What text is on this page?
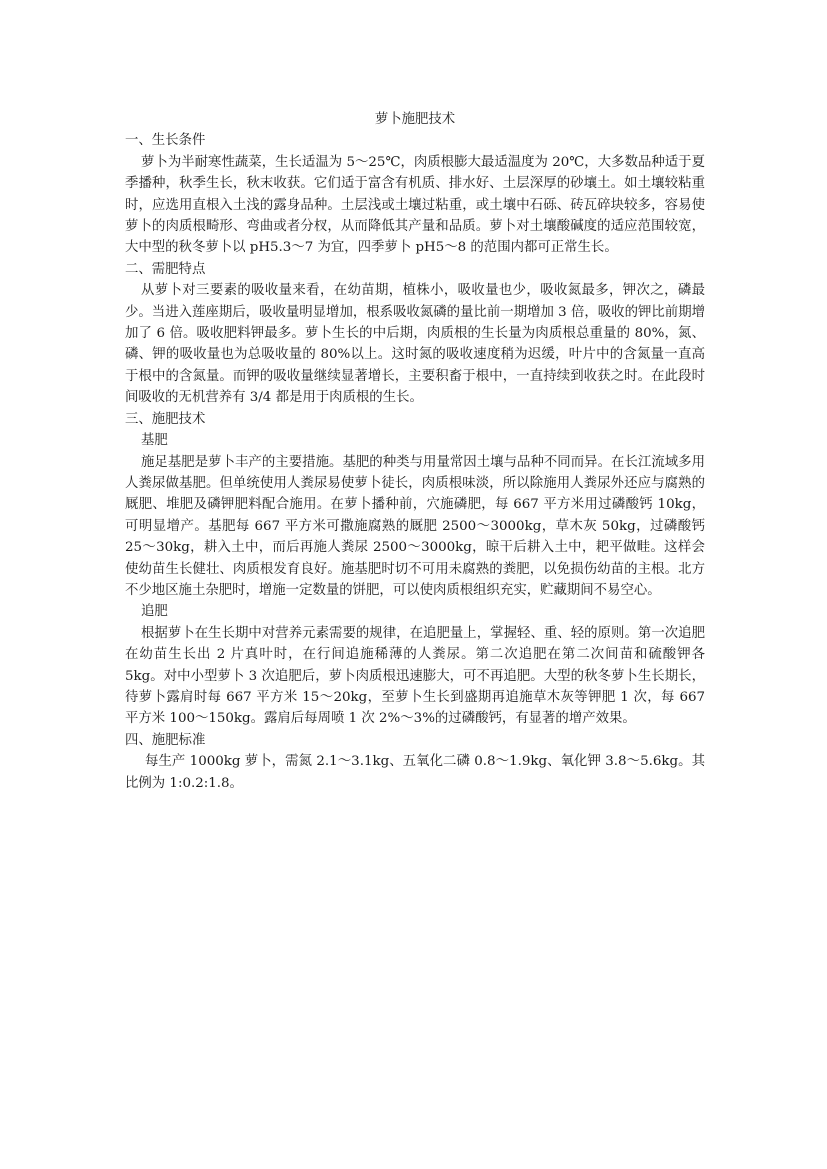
萝卜施肥技术
一、生长条件

萝卜为半耐寒性蔬菜，生长适温为 5～25℃，肉质根膨大最适温度为 20℃，大多数品种适于夏季播种，秋季生长，秋末收获。它们适于富含有机质、排水好、土层深厚的砂壤土。如土壤较粘重时，应选用直根入土浅的露身品种。土层浅或土壤过粘重，或土壤中石砾、砖瓦碎块较多，容易使萝卜的肉质根畸形、弯曲或者分杈，从而降低其产量和品质。萝卜对土壤酸碱度的适应范围较宽，大中型的秋冬萝卜以 pH5.3～7 为宜，四季萝卜 pH5～8 的范围内都可正常生长。

二、需肥特点

从萝卜对三要素的吸收量来看，在幼苗期，植株小，吸收量也少，吸收氮最多，钾次之，磷最少。当进入莲座期后，吸收量明显增加，根系吸收氮磷的量比前一期增加 3 倍，吸收的钾比前期增加了 6 倍。吸收肥料钾最多。萝卜生长的中后期，肉质根的生长量为肉质根总重量的 80%，氮、磷、钾的吸收量也为总吸收量的 80%以上。这时氮的吸收速度稍为迟缓，叶片中的含氮量一直高于根中的含氮量。而钾的吸收量继续显著增长，主要积畜于根中，一直持续到收获之时。在此段时间吸收的无机营养有 3/4 都是用于肉质根的生长。

三、施肥技术

基肥

施足基肥是萝卜丰产的主要措施。基肥的种类与用量常因土壤与品种不同而异。在长江流域多用人粪尿做基肥。但单统使用人粪尿易使萝卜徒长，肉质根味淡，所以除施用人粪尿外还应与腐熟的厩肥、堆肥及磷钾肥料配合施用。在萝卜播种前，穴施磷肥，每 667 平方米用过磷酸钙 10kg，可明显增产。基肥每 667 平方米可撒施腐熟的厩肥 2500～3000kg，草木灰 50kg，过磷酸钙 25～30kg，耕入土中，而后再施人粪尿 2500～3000kg，晾干后耕入土中，耙平做畦。这样会使幼苗生长健壮、肉质根发育良好。施基肥时切不可用未腐熟的粪肥，以免损伤幼苗的主根。北方不少地区施土杂肥时，增施一定数量的饼肥，可以使肉质根组织充实，贮藏期间不易空心。

追肥

根据萝卜在生长期中对营养元素需要的规律，在追肥量上，掌握轻、重、轻的原则。第一次追肥在幼苗生长出 2 片真叶时，在行间追施稀薄的人粪尿。第二次追肥在第二次间苗和硫酸钾各 5kg。对中小型萝卜 3 次追肥后，萝卜肉质根迅速膨大，可不再追肥。大型的秋冬萝卜生长期长，待萝卜露肩时每 667 平方米 15～20kg，至萝卜生长到盛期再追施草木灰等钾肥 1 次，每 667 平方米 100～150kg。露肩后每周喷 1 次 2%～3%的过磷酸钙，有显著的增产效果。

四、施肥标准

每生产 1000kg 萝卜，需氮 2.1～3.1kg、五氧化二磷 0.8～1.9kg、氧化钾 3.8～5.6kg。其比例为 1:0.2:1.8。
